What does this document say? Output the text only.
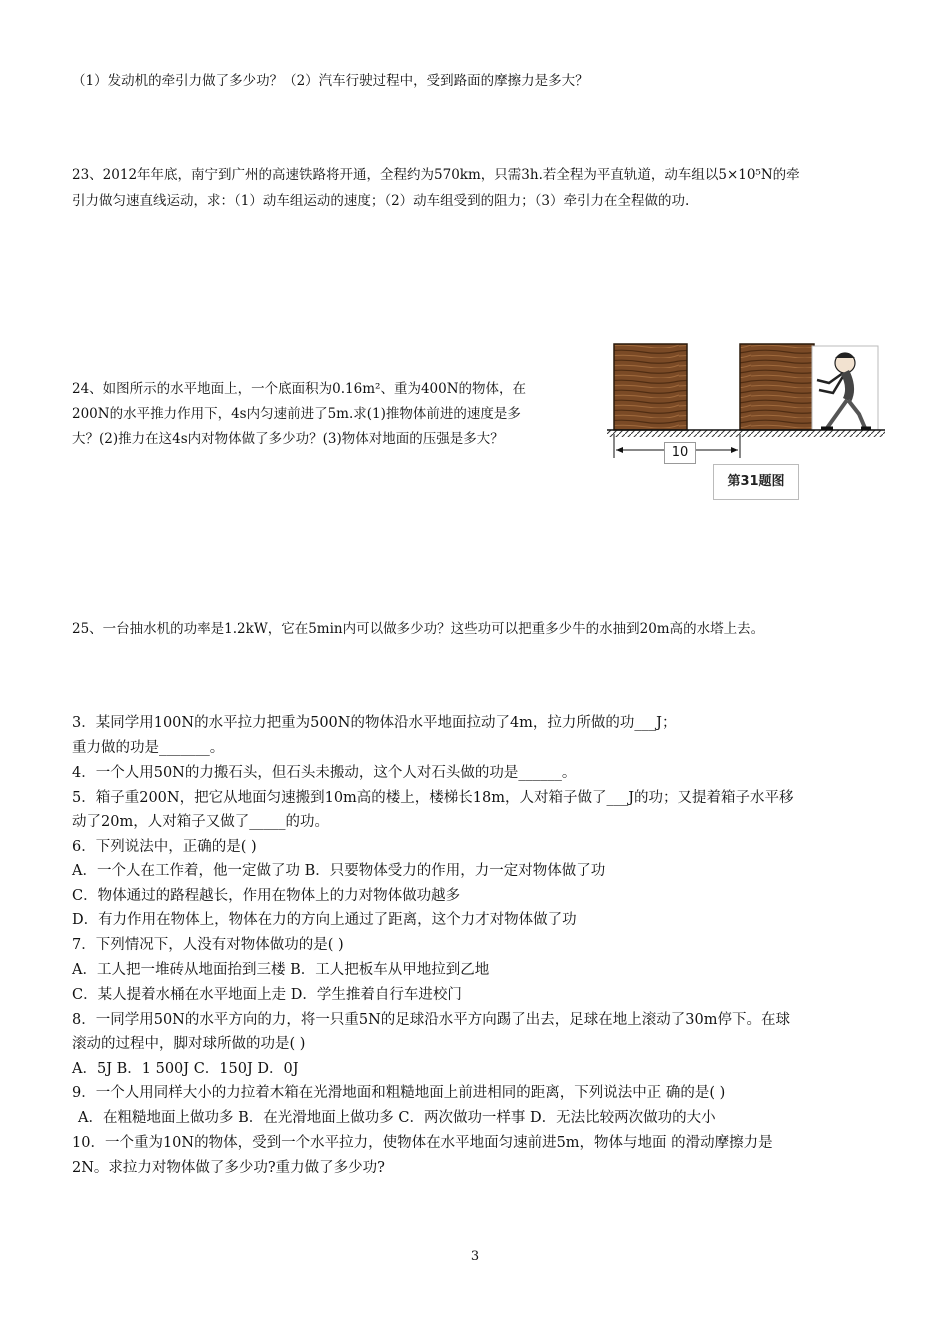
（1）发动机的牵引力做了多少功？（2）汽车行驶过程中，受到路面的摩擦力是多大？
23、2012年年底，南宁到广州的高速铁路将开通，全程约为570km，只需3h.若全程为平直轨道，动车组以5×10⁵N的牵
引力做匀速直线运动，求：（1）动车组运动的速度；（2）动车组受到的阻力；（3）牵引力在全程做的功.
24、如图所示的水平地面上，一个底面积为0.16m²、重为400N的物体，在
200N的水平推力作用下，4s内匀速前进了5m.求(1)推物体前进的速度是多
大？(2)推力在这4s内对物体做了多少功？(3)物体对地面的压强是多大？
10
第31题图
25、一台抽水机的功率是1.2kW，它在5min内可以做多少功？这些功可以把重多少牛的水抽到20m高的水塔上去。
3．某同学用100N的水平拉力把重为500N的物体沿水平地面拉动了4m，拉力所做的功___J；
重力做的功是_______。
4．一个人用50N的力搬石头，但石头未搬动，这个人对石头做的功是______。
5．箱子重200N，把它从地面匀速搬到10m高的楼上，楼梯长18m，人对箱子做了___J的功；又提着箱子水平移
动了20m，人对箱子又做了_____的功。
6．下列说法中，正确的是( )
A．一个人在工作着，他一定做了功 B．只要物体受力的作用，力一定对物体做了功
C．物体通过的路程越长，作用在物体上的力对物体做功越多
D．有力作用在物体上，物体在力的方向上通过了距离，这个力才对物体做了功
7．下列情况下，人没有对物体做功的是( )
A．工人把一堆砖从地面抬到三楼 B．工人把板车从甲地拉到乙地
C．某人提着水桶在水平地面上走 D．学生推着自行车进校门
8．一同学用50N的水平方向的力，将一只重5N的足球沿水平方向踢了出去，足球在地上滚动了30m停下。在球
滚动的过程中，脚对球所做的功是( )
A．5J B．1 500J C．150J D．0J
9．一个人用同样大小的力拉着木箱在光滑地面和粗糙地面上前进相同的距离，下列说法中正 确的是( )
A．在粗糙地面上做功多 B．在光滑地面上做功多 C．两次做功一样事 D．无法比较两次做功的大小
10．一个重为10N的物体，受到一个水平拉力，使物体在水平地面匀速前进5m，物体与地面 的滑动摩擦力是
2N。求拉力对物体做了多少功?重力做了多少功?
3
